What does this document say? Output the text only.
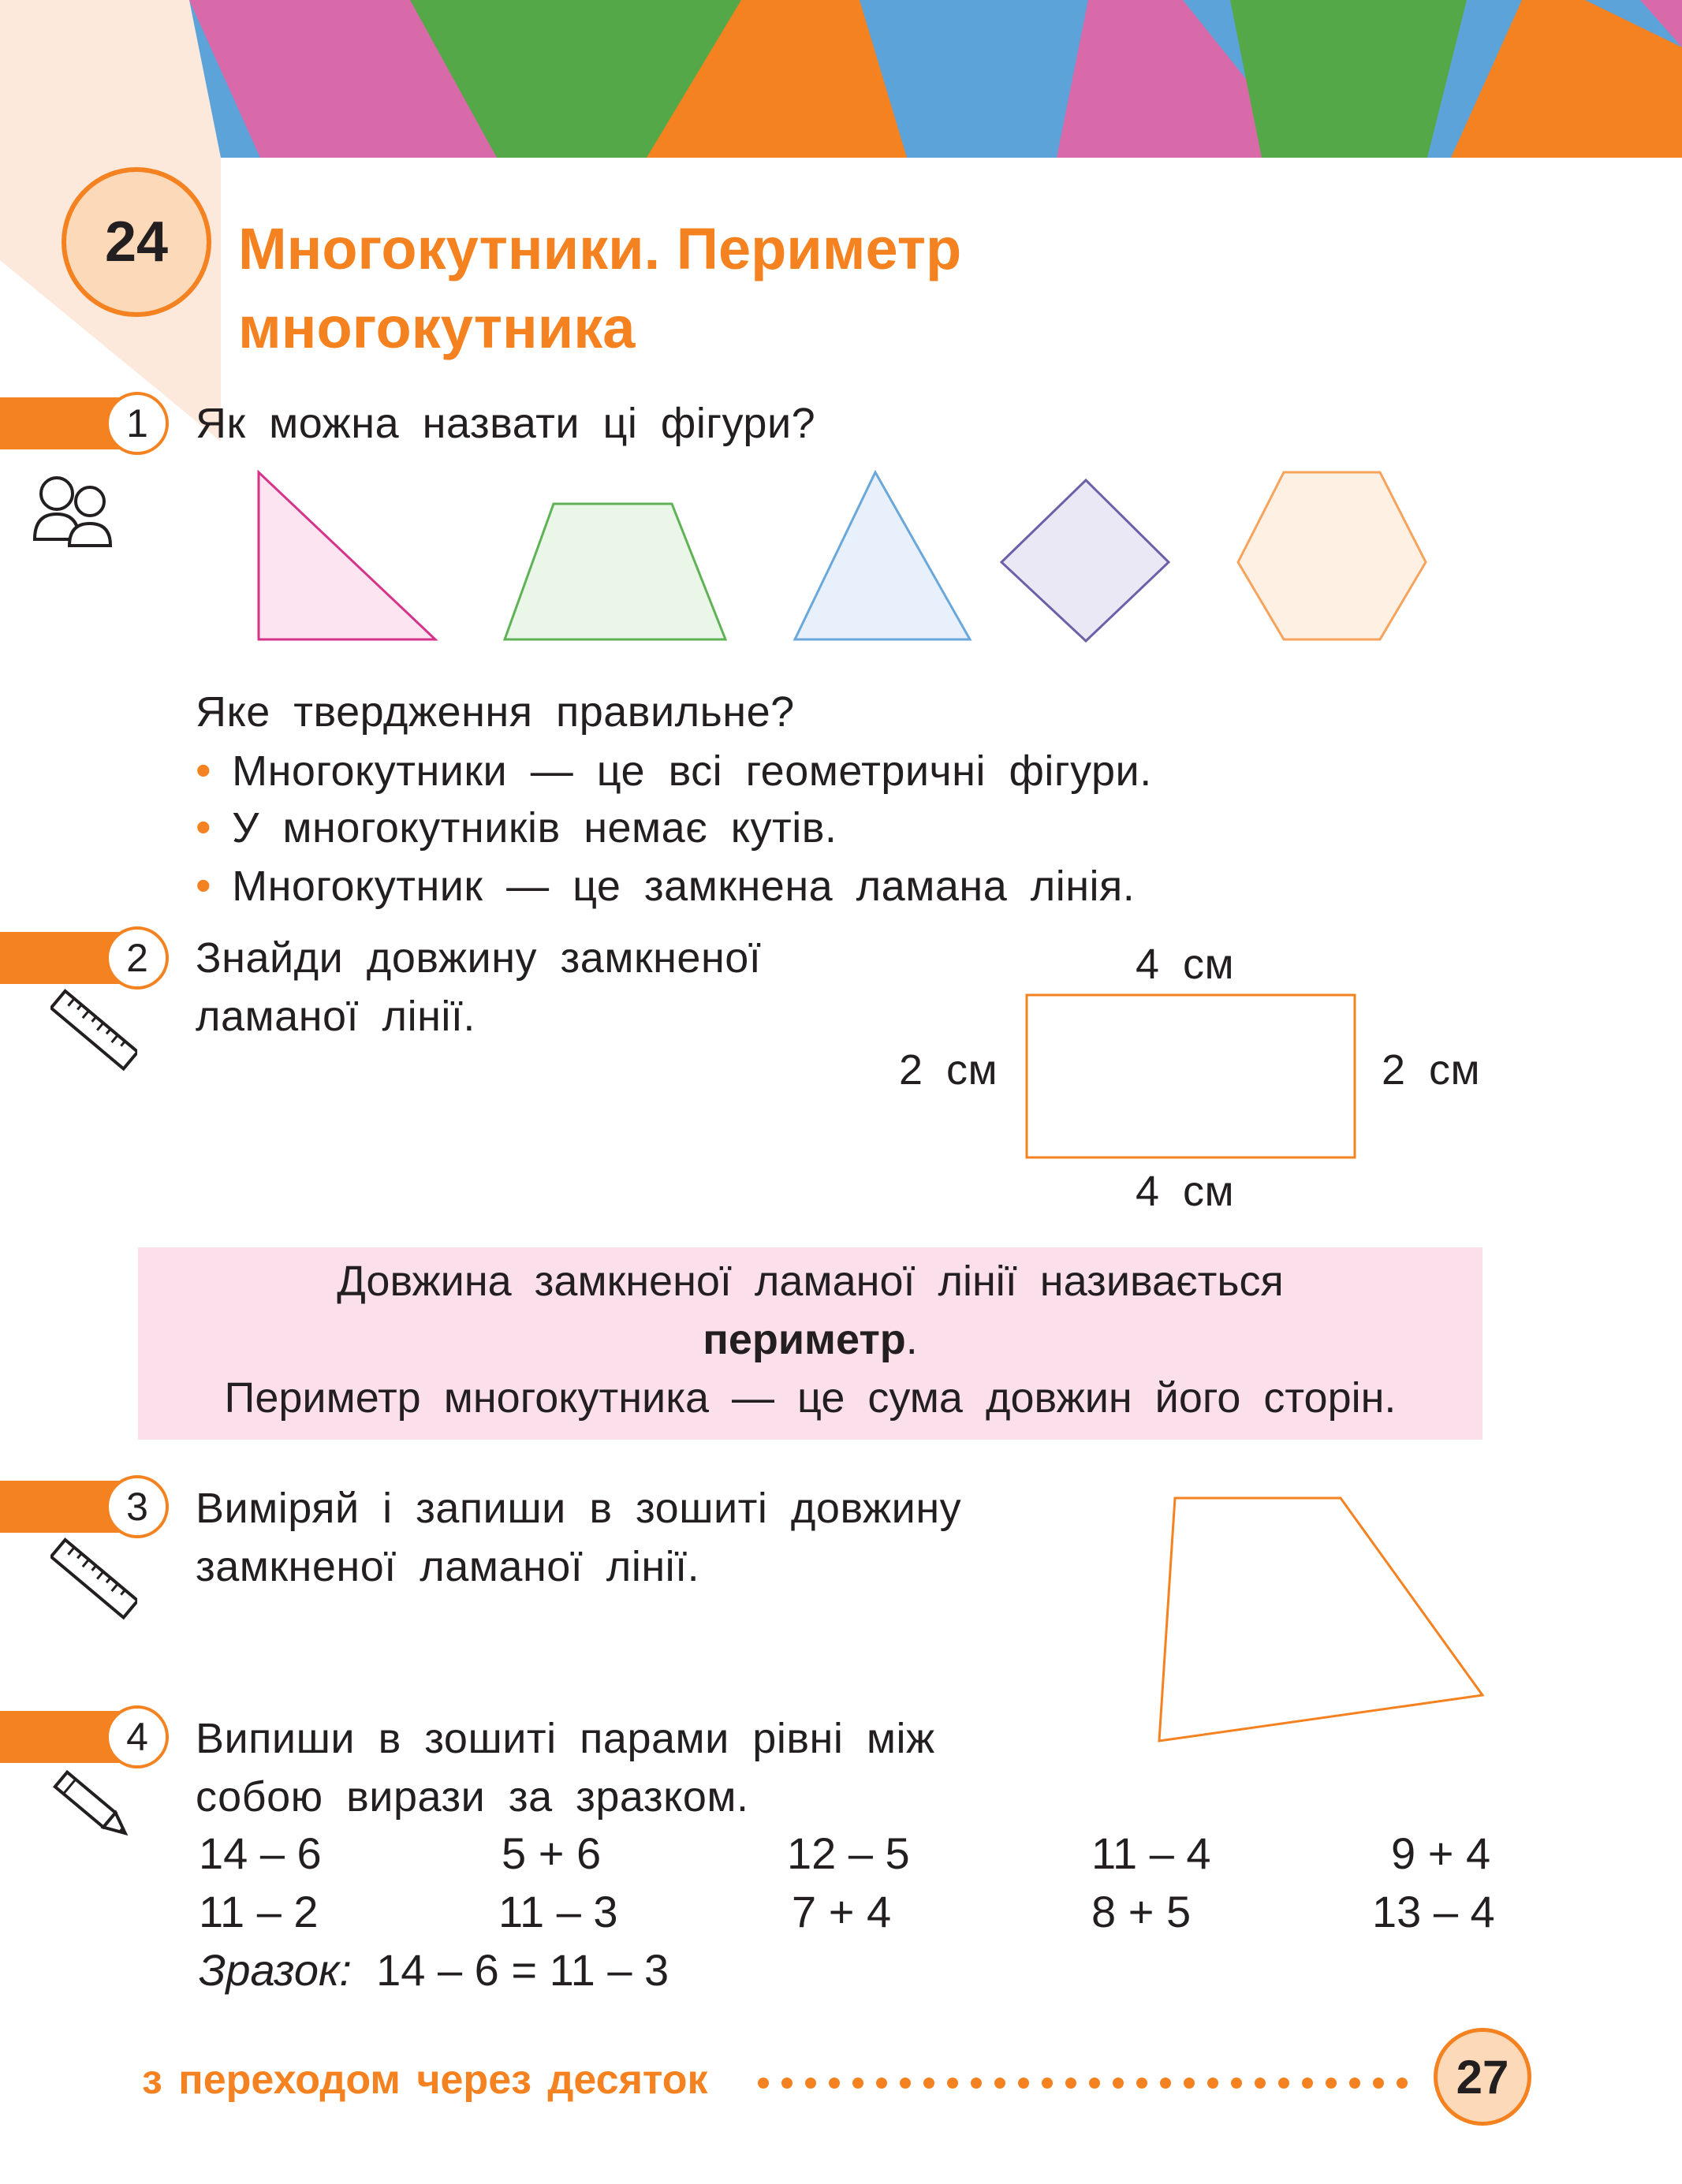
24 Многокутники. Периметр
многокутника
1 Як можна назвати ці фігури?
Яке твердження правильне?
• Многокутники — це всі геометричні фігури.
• У многокутників немає кутів.
• Многокутник — це замкнена ламана лінія.
2 Знайди довжину замкненої
ламаної лінії.
4 см
4 см
2 см	2 см
Довжина замкненої ламаної лінії називається
периметр.
Периметр многокутника — це сума довжин його сторін.
3 Виміряй і запиши в зошиті довжину
замкненої ламаної лінії.
4 Випиши в зошиті парами рівні між
собою вирази за зразком.
14 – 6	5 + 6	12 – 5	11 – 4	9 + 4
11 – 2	11 – 3	7 + 4	8 + 5	13 – 4
Зразок: 14 – 6 = 11 – 3
з переходом через десяток	27
